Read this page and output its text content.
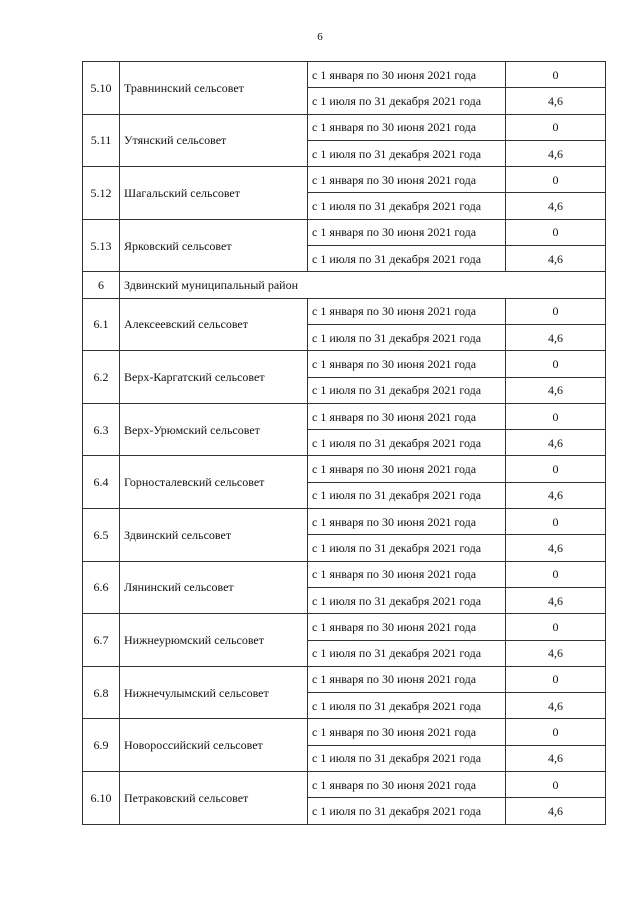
6
5.10	Травнинский сельсовет	с 1 января по 30 июня 2021 года	0
		с 1 июля по 31 декабря 2021 года	4,6
5.11	Утянский сельсовет	с 1 января по 30 июня 2021 года	0
		с 1 июля по 31 декабря 2021 года	4,6
5.12	Шагальский сельсовет	с 1 января по 30 июня 2021 года	0
		с 1 июля по 31 декабря 2021 года	4,6
5.13	Ярковский сельсовет	с 1 января по 30 июня 2021 года	0
		с 1 июля по 31 декабря 2021 года	4,6
6	Здвинский муниципальный район		
6.1	Алексеевский сельсовет	с 1 января по 30 июня 2021 года	0
		с 1 июля по 31 декабря 2021 года	4,6
6.2	Верх-Каргатский сельсовет	с 1 января по 30 июня 2021 года	0
		с 1 июля по 31 декабря 2021 года	4,6
6.3	Верх-Урюмский сельсовет	с 1 января по 30 июня 2021 года	0
		с 1 июля по 31 декабря 2021 года	4,6
6.4	Горносталевский сельсовет	с 1 января по 30 июня 2021 года	0
		с 1 июля по 31 декабря 2021 года	4,6
6.5	Здвинский сельсовет	с 1 января по 30 июня 2021 года	0
		с 1 июля по 31 декабря 2021 года	4,6
6.6	Лянинский сельсовет	с 1 января по 30 июня 2021 года	0
		с 1 июля по 31 декабря 2021 года	4,6
6.7	Нижнеурюмский сельсовет	с 1 января по 30 июня 2021 года	0
		с 1 июля по 31 декабря 2021 года	4,6
6.8	Нижнечулымский сельсовет	с 1 января по 30 июня 2021 года	0
		с 1 июля по 31 декабря 2021 года	4,6
6.9	Новороссийский сельсовет	с 1 января по 30 июня 2021 года	0
		с 1 июля по 31 декабря 2021 года	4,6
6.10	Петраковский сельсовет	с 1 января по 30 июня 2021 года	0
		с 1 июля по 31 декабря 2021 года	4,6
